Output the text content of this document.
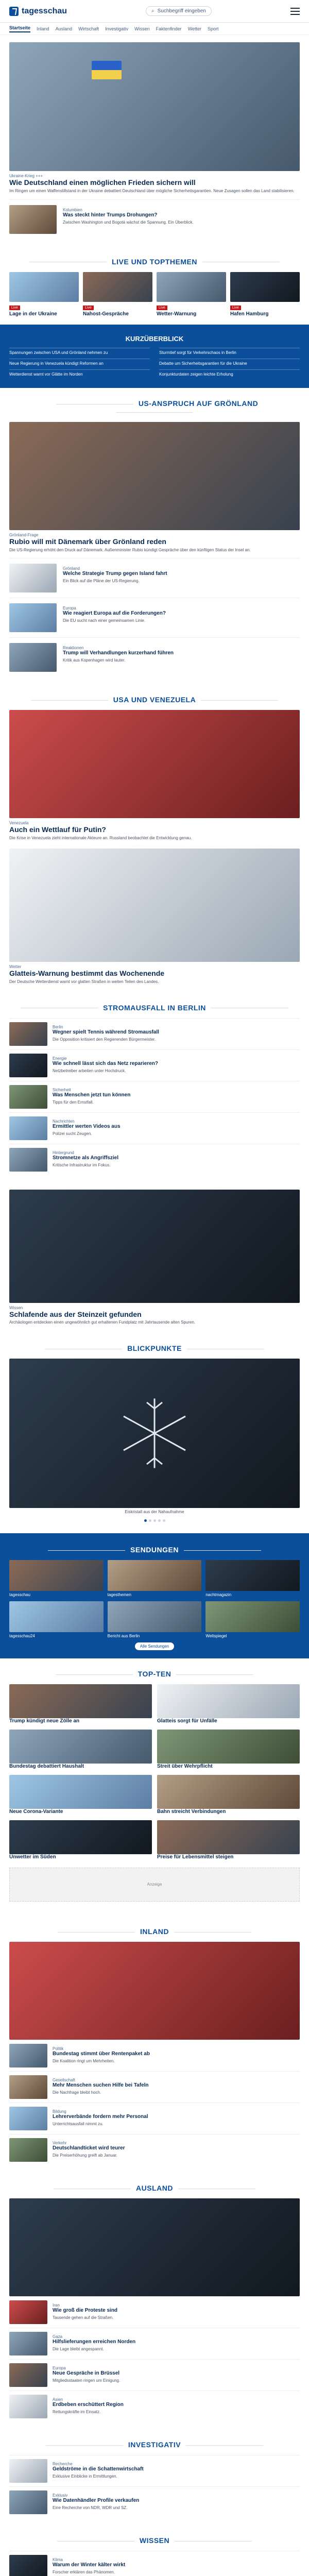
tagesschau	⌕ Suchbegriff eingeben
Startseite Inland Ausland Wirtschaft Investigativ Wissen Faktenfinder Wetter Sport
Ukraine-Krieg +++
Wie Deutschland einen möglichen Frieden sichern will
Im Ringen um einen Waffenstillstand in der Ukraine debattiert Deutschland über mögliche Sicherheitsgarantien. Neue Zusagen sollen das Land stabilisieren.
Kolumbien
Was steckt hinter Trumps Drohungen?
Zwischen Washington und Bogotá wächst die Spannung. Ein Überblick.
LIVE UND TOPTHEMEN
Live
Lage in der Ukraine
Live
Nahost-Gespräche
Live
Wetter-Warnung
Live
Hafen Hamburg
KURZÜBERBLICK
Spannungen zwischen USA und Grönland nehmen zu	Sturmtief sorgt für Verkehrschaos in Berlin
Neue Regierung in Venezuela kündigt Reformen an	Debatte um Sicherheitsgarantien für die Ukraine
Wetterdienst warnt vor Glätte im Norden	Konjunkturdaten zeigen leichte Erholung
US-ANSPRUCH AUF GRÖNLAND
Grönland-Frage
Rubio will mit Dänemark über Grönland reden
Die US-Regierung erhöht den Druck auf Dänemark. Außenminister Rubio kündigt Gespräche über den künftigen Status der Insel an.
Grönland
Welche Strategie Trump gegen Island fahrt
Ein Blick auf die Pläne der US-Regierung.
Europa
Wie reagiert Europa auf die Forderungen?
Die EU sucht nach einer gemeinsamen Linie.
Reaktionen
Trump will Verhandlungen kurzerhand führen
Kritik aus Kopenhagen wird lauter.
USA UND VENEZUELA
Venezuela
Auch ein Wettlauf für Putin?
Die Krise in Venezuela zieht internationale Akteure an. Russland beobachtet die Entwicklung genau.
Wetter
Glatteis-Warnung bestimmt das Wochenende
Der Deutsche Wetterdienst warnt vor glatten Straßen in weiten Teilen des Landes.
STROMAUSFALL IN BERLIN
Berlin
Wegner spielt Tennis während Stromausfall
Die Opposition kritisiert den Regierenden Bürgermeister.
Energie
Wie schnell lässt sich das Netz reparieren?
Netzbetreiber arbeiten unter Hochdruck.
Sicherheit
Was Menschen jetzt tun können
Tipps für den Ernstfall.
Nachrichten
Ermittler werten Videos aus
Polizei sucht Zeugen.
Hintergrund
Stromnetze als Angriffsziel
Kritische Infrastruktur im Fokus.
Wissen
Schlafende aus der Steinzeit gefunden
Archäologen entdecken einen ungewöhnlich gut erhaltenen Fundplatz mit Jahrtausende alten Spuren.
BLICKPUNKTE
Eiskristall aus der Nahaufnahme
SENDUNGEN
tagesschau	tagesthemen	nachtmagazin
tagesschau24	Bericht aus Berlin	Weltspiegel
Alle Sendungen
TOP-TEN
Trump kündigt neue Zölle an	Glatteis sorgt für Unfälle
Bundestag debattiert Haushalt	Streit über Wehrpflicht
Neue Corona-Variante	Bahn streicht Verbindungen
Unwetter im Süden	Preise für Lebensmittel steigen
Anzeige
INLAND
Politik
Bundestag stimmt über Rentenpaket ab
Die Koalition ringt um Mehrheiten.
Gesellschaft
Mehr Menschen suchen Hilfe bei Tafeln
Die Nachfrage bleibt hoch.
Bildung
Lehrerverbände fordern mehr Personal
Unterrichtsausfall nimmt zu.
Verkehr
Deutschlandticket wird teurer
Die Preiserhöhung greift ab Januar.
AUSLAND
Iran
Wie groß die Proteste sind
Tausende gehen auf die Straßen.
Gaza
Hilfslieferungen erreichen Norden
Die Lage bleibt angespannt.
Europa
Neue Gespräche in Brüssel
Mitgliedsstaaten ringen um Einigung.
Asien
Erdbeben erschüttert Region
Rettungskräfte im Einsatz.
INVESTIGATIV
Recherche
Geldströme in die Schattenwirtschaft
Exklusive Einblicke in Ermittlungen.
Exklusiv
Wie Datenhändler Profile verkaufen
Eine Recherche von NDR, WDR und SZ.
WISSEN
Klima
Warum der Winter kälter wirkt
Forscher erklären das Phänomen.
